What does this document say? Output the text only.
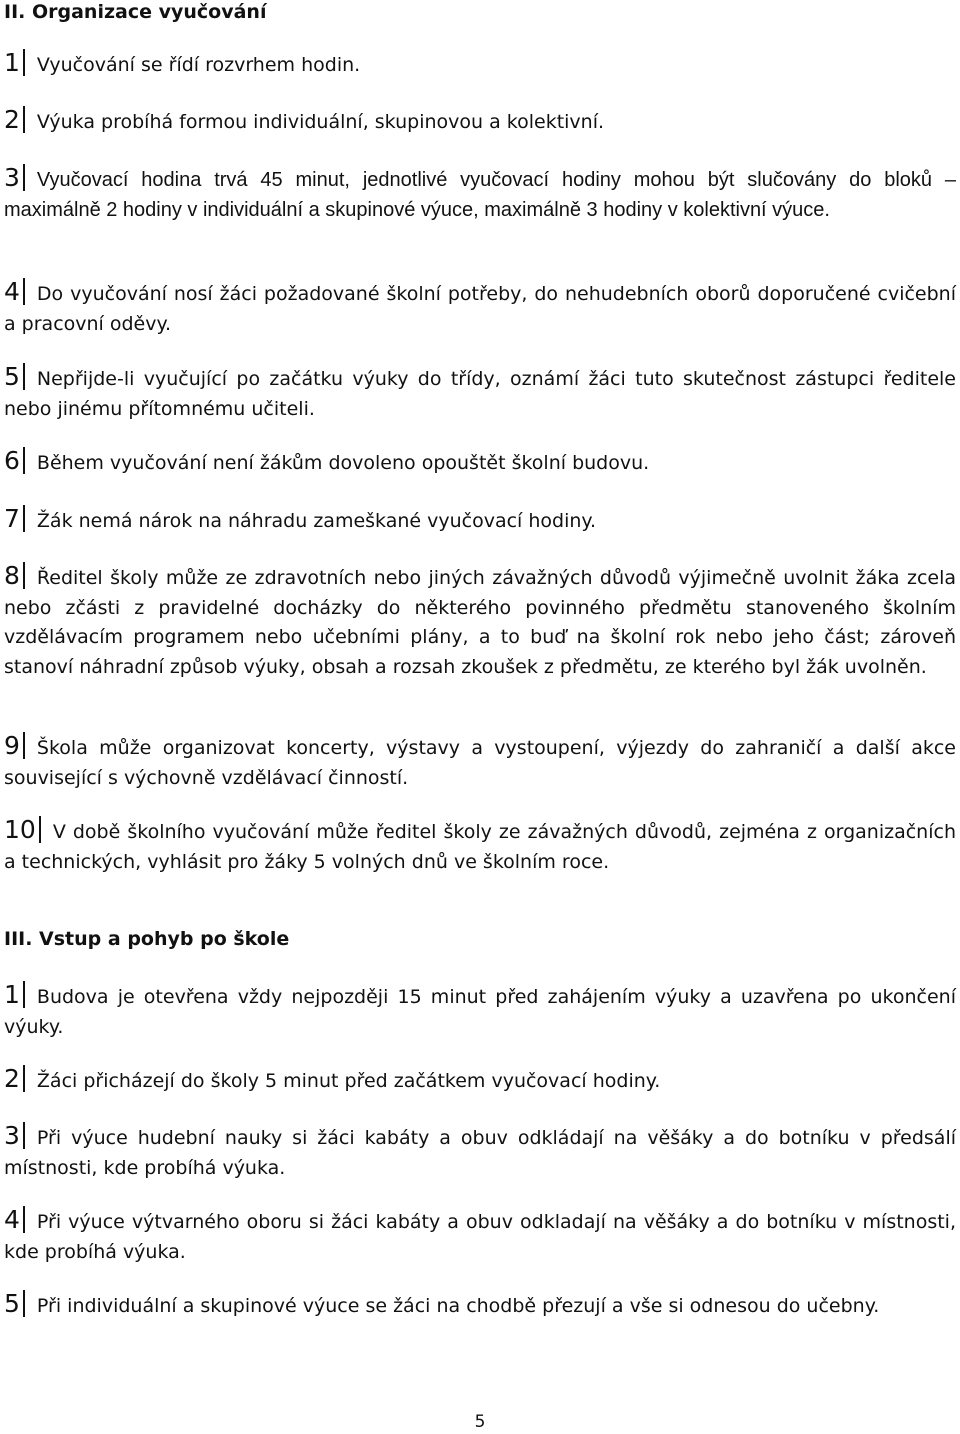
II. Organizace vyučování

1 Vyučování se řídí rozvrhem hodin.

2 Výuka probíhá formou individuální, skupinovou a kolektivní.

3 Vyučovací hodina trvá 45 minut, jednotlivé vyučovací hodiny mohou být slučovány do bloků – maximálně 2 hodiny v individuální a skupinové výuce, maximálně 3 hodiny v kolektivní výuce.

4 Do vyučování nosí žáci požadované školní potřeby, do nehudebních oborů doporučené cvičební a pracovní oděvy.

5 Nepřijde-li vyučující po začátku výuky do třídy, oznámí žáci tuto skutečnost zástupci ředitele nebo jinému přítomnému učiteli.

6 Během vyučování není žákům dovoleno opouštět školní budovu.

7 Žák nemá nárok na náhradu zameškané vyučovací hodiny.

8 Ředitel školy může ze zdravotních nebo jiných závažných důvodů výjimečně uvolnit žáka zcela nebo zčásti z pravidelné docházky do některého povinného předmětu stanoveného školním vzdělávacím programem nebo učebními plány, a to buď na školní rok nebo jeho část; zároveň stanoví náhradní způsob výuky, obsah a rozsah zkoušek z předmětu, ze kterého byl žák uvolněn.

9 Škola může organizovat koncerty, výstavy a vystoupení, výjezdy do zahraničí a další akce související s výchovně vzdělávací činností.

10 V době školního vyučování může ředitel školy ze závažných důvodů, zejména z organizačních a technických, vyhlásit pro žáky 5 volných dnů ve školním roce.

III. Vstup a pohyb po škole

1 Budova je otevřena vždy nejpozději 15 minut před zahájením výuky a uzavřena po ukončení výuky.

2 Žáci přicházejí do školy 5 minut před začátkem vyučovací hodiny.

3 Při výuce hudební nauky si žáci kabáty a obuv odkládají na věšáky a do botníku v předsálí místnosti, kde probíhá výuka.

4 Při výuce výtvarného oboru si žáci kabáty a obuv odkladají na věšáky a do botníku v místnosti, kde probíhá výuka.

5 Při individuální a skupinové výuce se žáci na chodbě přezují a vše si odnesou do učebny.

5
